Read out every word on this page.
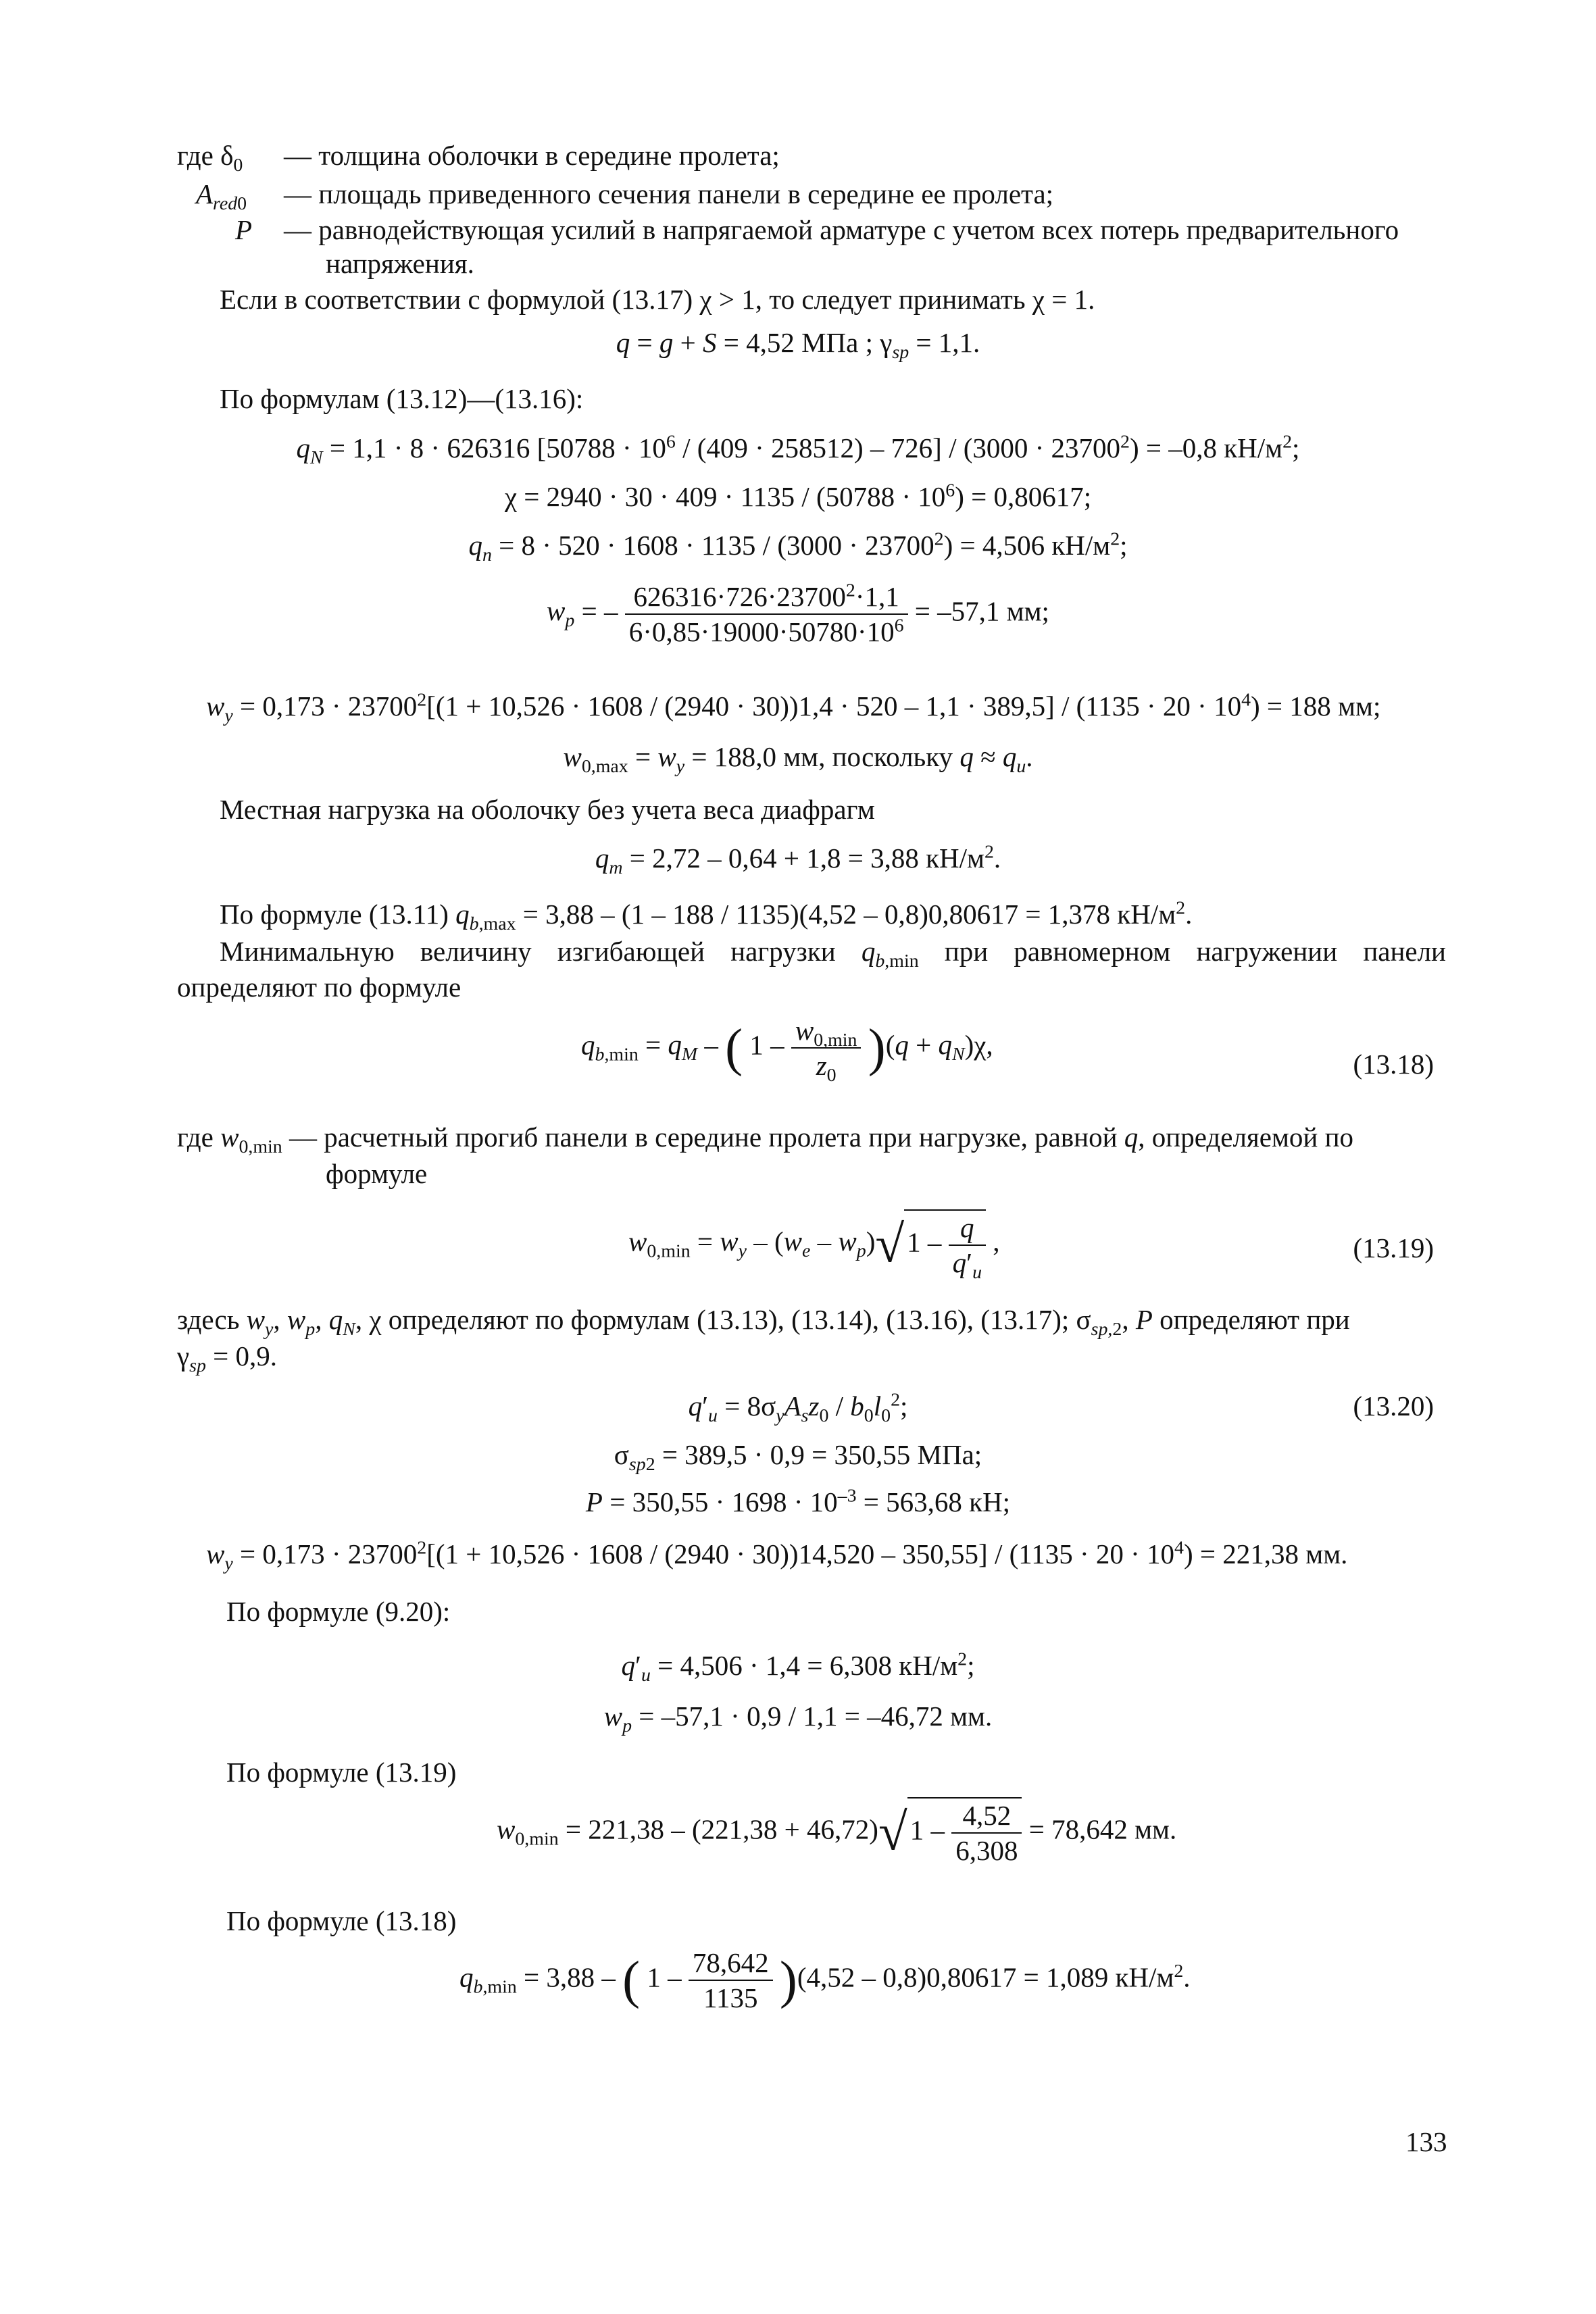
где $\delta_0$ — толщина оболочки в середине пролета;
$A_{red0}$ — площадь приведенного сечения панели в середине ее пролета;
P — равнодействующая усилий в напрягаемой арматуре с учетом всех потерь предварительного
напряжения.
Если в соответствии с формулой (13.17) χ > 1, то следует принимать χ = 1.
q = g + S = 4,52 МПа ; $\gamma_{sp} = 1,1$.
По формулам (13.12)—(13.16):
$q_N = 1,1 \cdot 8 \cdot 626316$ $[50788 \cdot 10^6 / (409 \cdot 258512) - 726] / (3000 \cdot 23700^2) = -0,8$ $кН/м^2$;
$\chi = 2940 \cdot 30 \cdot 409 \cdot 1135 / (50788 \cdot 10^6) = 0,80617$;
$q_n = 8 \cdot 520 \cdot 1608 \cdot 1135 / (3000 \cdot 23700^2) = 4,506$ $кН/м^2$;
$w_p$ = – $\frac{626316\cdot 726\cdot 23700^2\cdot 1,1}{6\cdot 0,85\cdot 19000\cdot 50780\cdot 10^6} = -57,1$ мм;
$w_y = 0,173 \cdot 23700^2[(1 + 10,526 \cdot 1608 / (2940 \cdot 30))1,4 \cdot 520 - 1,1 \cdot 389,5] / (1135 \cdot 20 \cdot 10^4) = 188$ мм;
$w_{0,max} = w_y = 188,0$ мм, поскольку $q \approx q_u$.
Местная нагрузка на оболочку без учета веса диафрагм
$q_m = 2,72 - 0,64 + 1,8 = 3,88$ $кН/м^2$.
По формуле (13.11) $q_{b,max} = 3,88 - (1 - 188 / 1135)(4,52 - 0,8)0,80617 = 1,378$ $кН/м^2$.
Минимальную величину изгибающей нагрузки $q_{b,min}$ при равномерном нагружении панели
определяют по формуле
$q_{b,min} = q_M$ – ( $1 - \frac{w_{0,min}}{z_0} )(q + q_N)\chi$,
(13.18)
где $w_{0,min}$ — расчетный прогиб панели в середине пролета при нагрузке, равной q, определяемой по
формуле
$w_{0,min} = w_y - (w_e - w_p)√1 - \frac{q}{q'_u}$ ,	(13.19)
здесь $w_y$, $w_p$, $q_N$, χ определяют по формулам (13.13), (13.14), (13.16), (13.17); $\sigma_{sp,2}$, P определяют при
$\gamma_{sp} = 0,9$.
$q'_u = 8\sigma_yA_sz_0 / b_0l_0^2$;	(13.20)
$\sigma_{sp2} = 389,5 \cdot 0,9 = 350,55$ МПа;
$P = 350,55 \cdot 1698 \cdot 10^{-3} = 563,68$ кН;
$w_y = 0,173 \cdot 23700^2[(1 + 10,526 \cdot 1608 / (2940 \cdot 30))14,520 - 350,55] / (1135 \cdot 20 \cdot 10^4) = 221,38$ мм.
По формуле (9.20):
$q'_u = 4,506 \cdot 1,4 = 6,308$ $кН/м^2$;
$w_p = -57,1 \cdot 0,9 / 1,1 = -46,72$ мм.
По формуле (13.19)
$w_{0,min} = 221,38 - (221,38 + 46,72)√1 - \frac{4,52}{6,308} = 78,642$ мм.
По формуле (13.18)
$q_{b,min} = 3,88$ – ( $1 - \frac{78,642}{1135} )(4,52 - 0,8)0,80617 = 1,089$ $кН/м^2$.
133
